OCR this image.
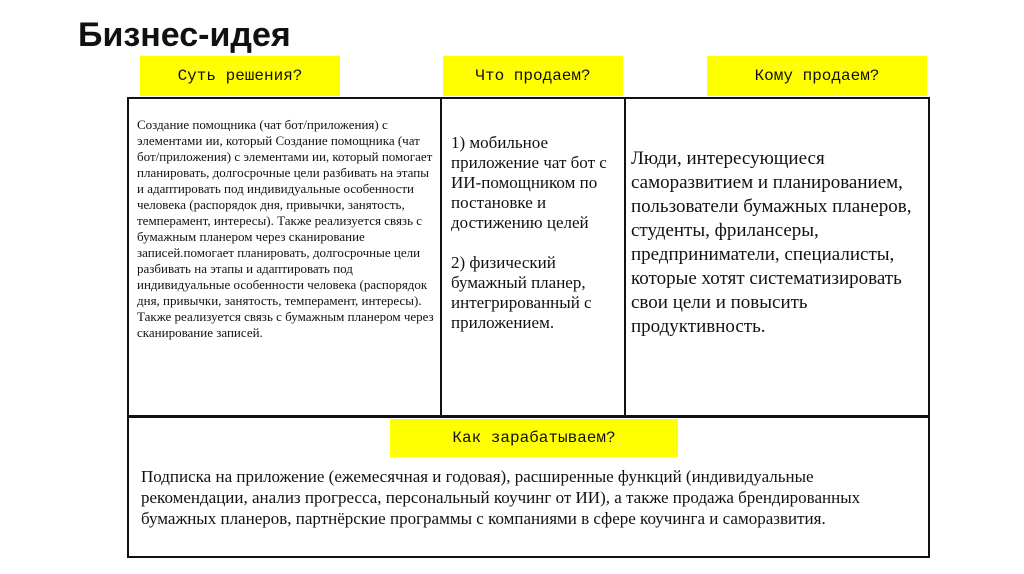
Бизнес-идея
Суть решения?	Что продаем?	Кому продаем?
Как зарабатываем?
Создание помощника (чат бот/приложения) с элементами ии, который Создание помощника (чат бот/приложения) с элементами ии, который помогает планировать, долгосрочные цели разбивать на этапы и адаптировать под индивидуальные особенности человека (распорядок дня, привычки, занятость, темперамент, интересы). Также реализуется связь с бумажным планером через сканирование записей.помогает планировать, долгосрочные цели разбивать на этапы и адаптировать под индивидуальные особенности человека (распорядок дня, привычки, занятость, темперамент, интересы). Также реализуется связь с бумажным планером через сканирование записей.
1) мобильное приложение чат бот с ИИ-помощником по постановке и достижению целей
2) физический бумажный планер, интегрированный с приложением.
Люди, интересующиеся саморазвитием и планированием, пользователи бумажных планеров, студенты, фрилансеры, предприниматели, специалисты, которые хотят систематизировать свои цели и повысить продуктивность.
Подписка на приложение (ежемесячная и годовая), расширенные функций (индивидуальные рекомендации, анализ прогресса, персональный коучинг от ИИ), а также продажа брендированных бумажных планеров, партнёрские программы с компаниями в сфере коучинга и саморазвития.
